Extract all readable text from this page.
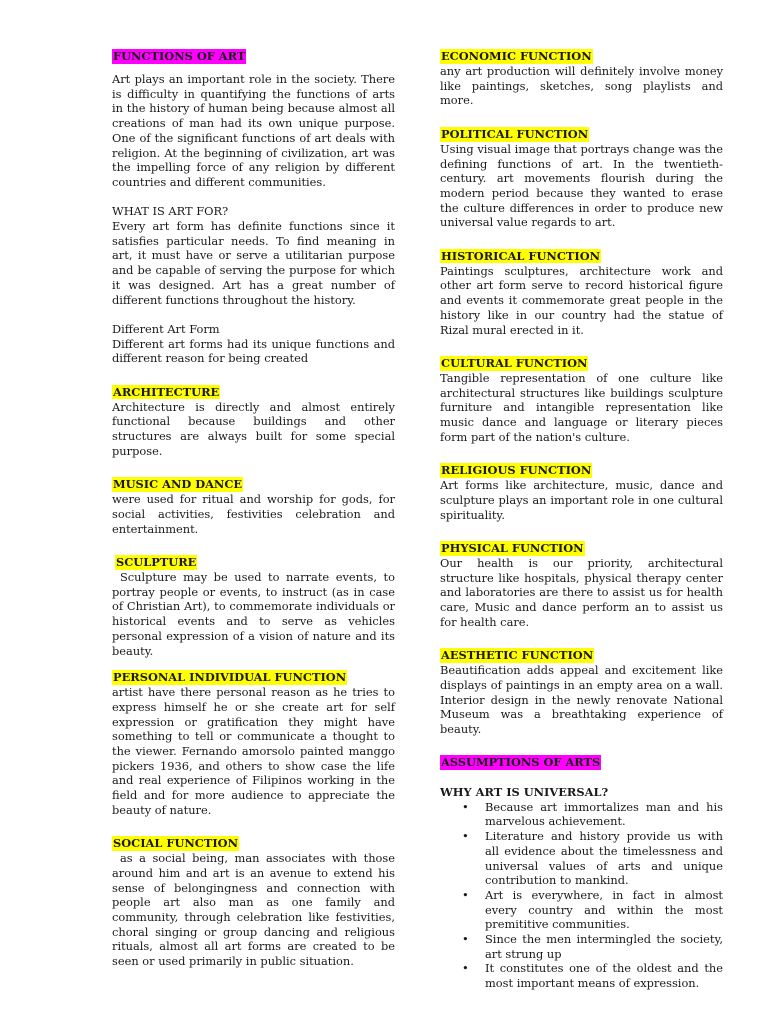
FUNCTIONS OF ART

Art plays an important role in the society. There is difficulty in quantifying the functions of arts in the history of human being because almost all creations of man had its own unique purpose. One of the significant functions of art deals with religion. At the beginning of civilization, art was the impelling force of any religion by different countries and different communities.

WHAT IS ART FOR?

Every art form has definite functions since it satisfies particular needs. To find meaning in art, it must have or serve a utilitarian purpose and be capable of serving the purpose for which it was designed. Art has a great number of different functions throughout the history.

Different Art Form

Different art forms had its unique functions and different reason for being created

ARCHITECTURE

Architecture is directly and almost entirely functional because buildings and other structures are always built for some special purpose.

MUSIC AND DANCE

were used for ritual and worship for gods, for social activities, festivities celebration and entertainment.

SCULPTURE

Sculpture may be used to narrate events, to portray people or events, to instruct (as in case of Christian Art), to commemorate individuals or historical events and to serve as vehicles personal expression of a vision of nature and its beauty.

PERSONAL INDIVIDUAL FUNCTION

artist have there personal reason as he tries to express himself he or she create art for self expression or gratification they might have something to tell or communicate a thought to the viewer. Fernando amorsolo painted manggo pickers 1936, and others to show case the life and real experience of Filipinos working in the field and for more audience to appreciate the beauty of nature.

SOCIAL FUNCTION

as a social being, man associates with those around him and art is an avenue to extend his sense of belongingness and connection with people art also man as one family and community, through celebration like festivities, choral singing or group dancing and religious rituals, almost all art forms are created to be seen or used primarily in public situation.

ECONOMIC FUNCTION

any art production will definitely involve money like paintings, sketches, song playlists and more.

POLITICAL FUNCTION

Using visual image that portrays change was the defining functions of art. In the twentieth-century. art movements flourish during the modern period because they wanted to erase the culture differences in order to produce new universal value regards to art.

HISTORICAL FUNCTION

Paintings sculptures, architecture work and other art form serve to record historical figure and events it commemorate great people in the history like in our country had the statue of Rizal mural erected in it.

CULTURAL FUNCTION

Tangible representation of one culture like architectural structures like buildings sculpture furniture and intangible representation like music dance and language or literary pieces form part of the nation's culture.

RELIGIOUS FUNCTION

Art forms like architecture, music, dance and sculpture plays an important role in one cultural spirituality.

PHYSICAL FUNCTION

Our health is our priority, architectural structure like hospitals, physical therapy center and laboratories are there to assist us for health care, Music and dance perform an to assist us for health care.

AESTHETIC FUNCTION

Beautification adds appeal and excitement like displays of paintings in an empty area on a wall. Interior design in the newly renovate National Museum was a breathtaking experience of beauty.

ASSUMPTIONS OF ARTS
WHY ART IS UNIVERSAL?
• Because art immortalizes man and his marvelous achievement.
• Literature and history provide us with all evidence about the timelessness and universal values of arts and unique contribution to mankind.
• Art is everywhere, in fact in almost every country and within the most premititive communities.
• Since the men intermingled the society, art strung up
• It constitutes one of the oldest and the most important means of expression.
